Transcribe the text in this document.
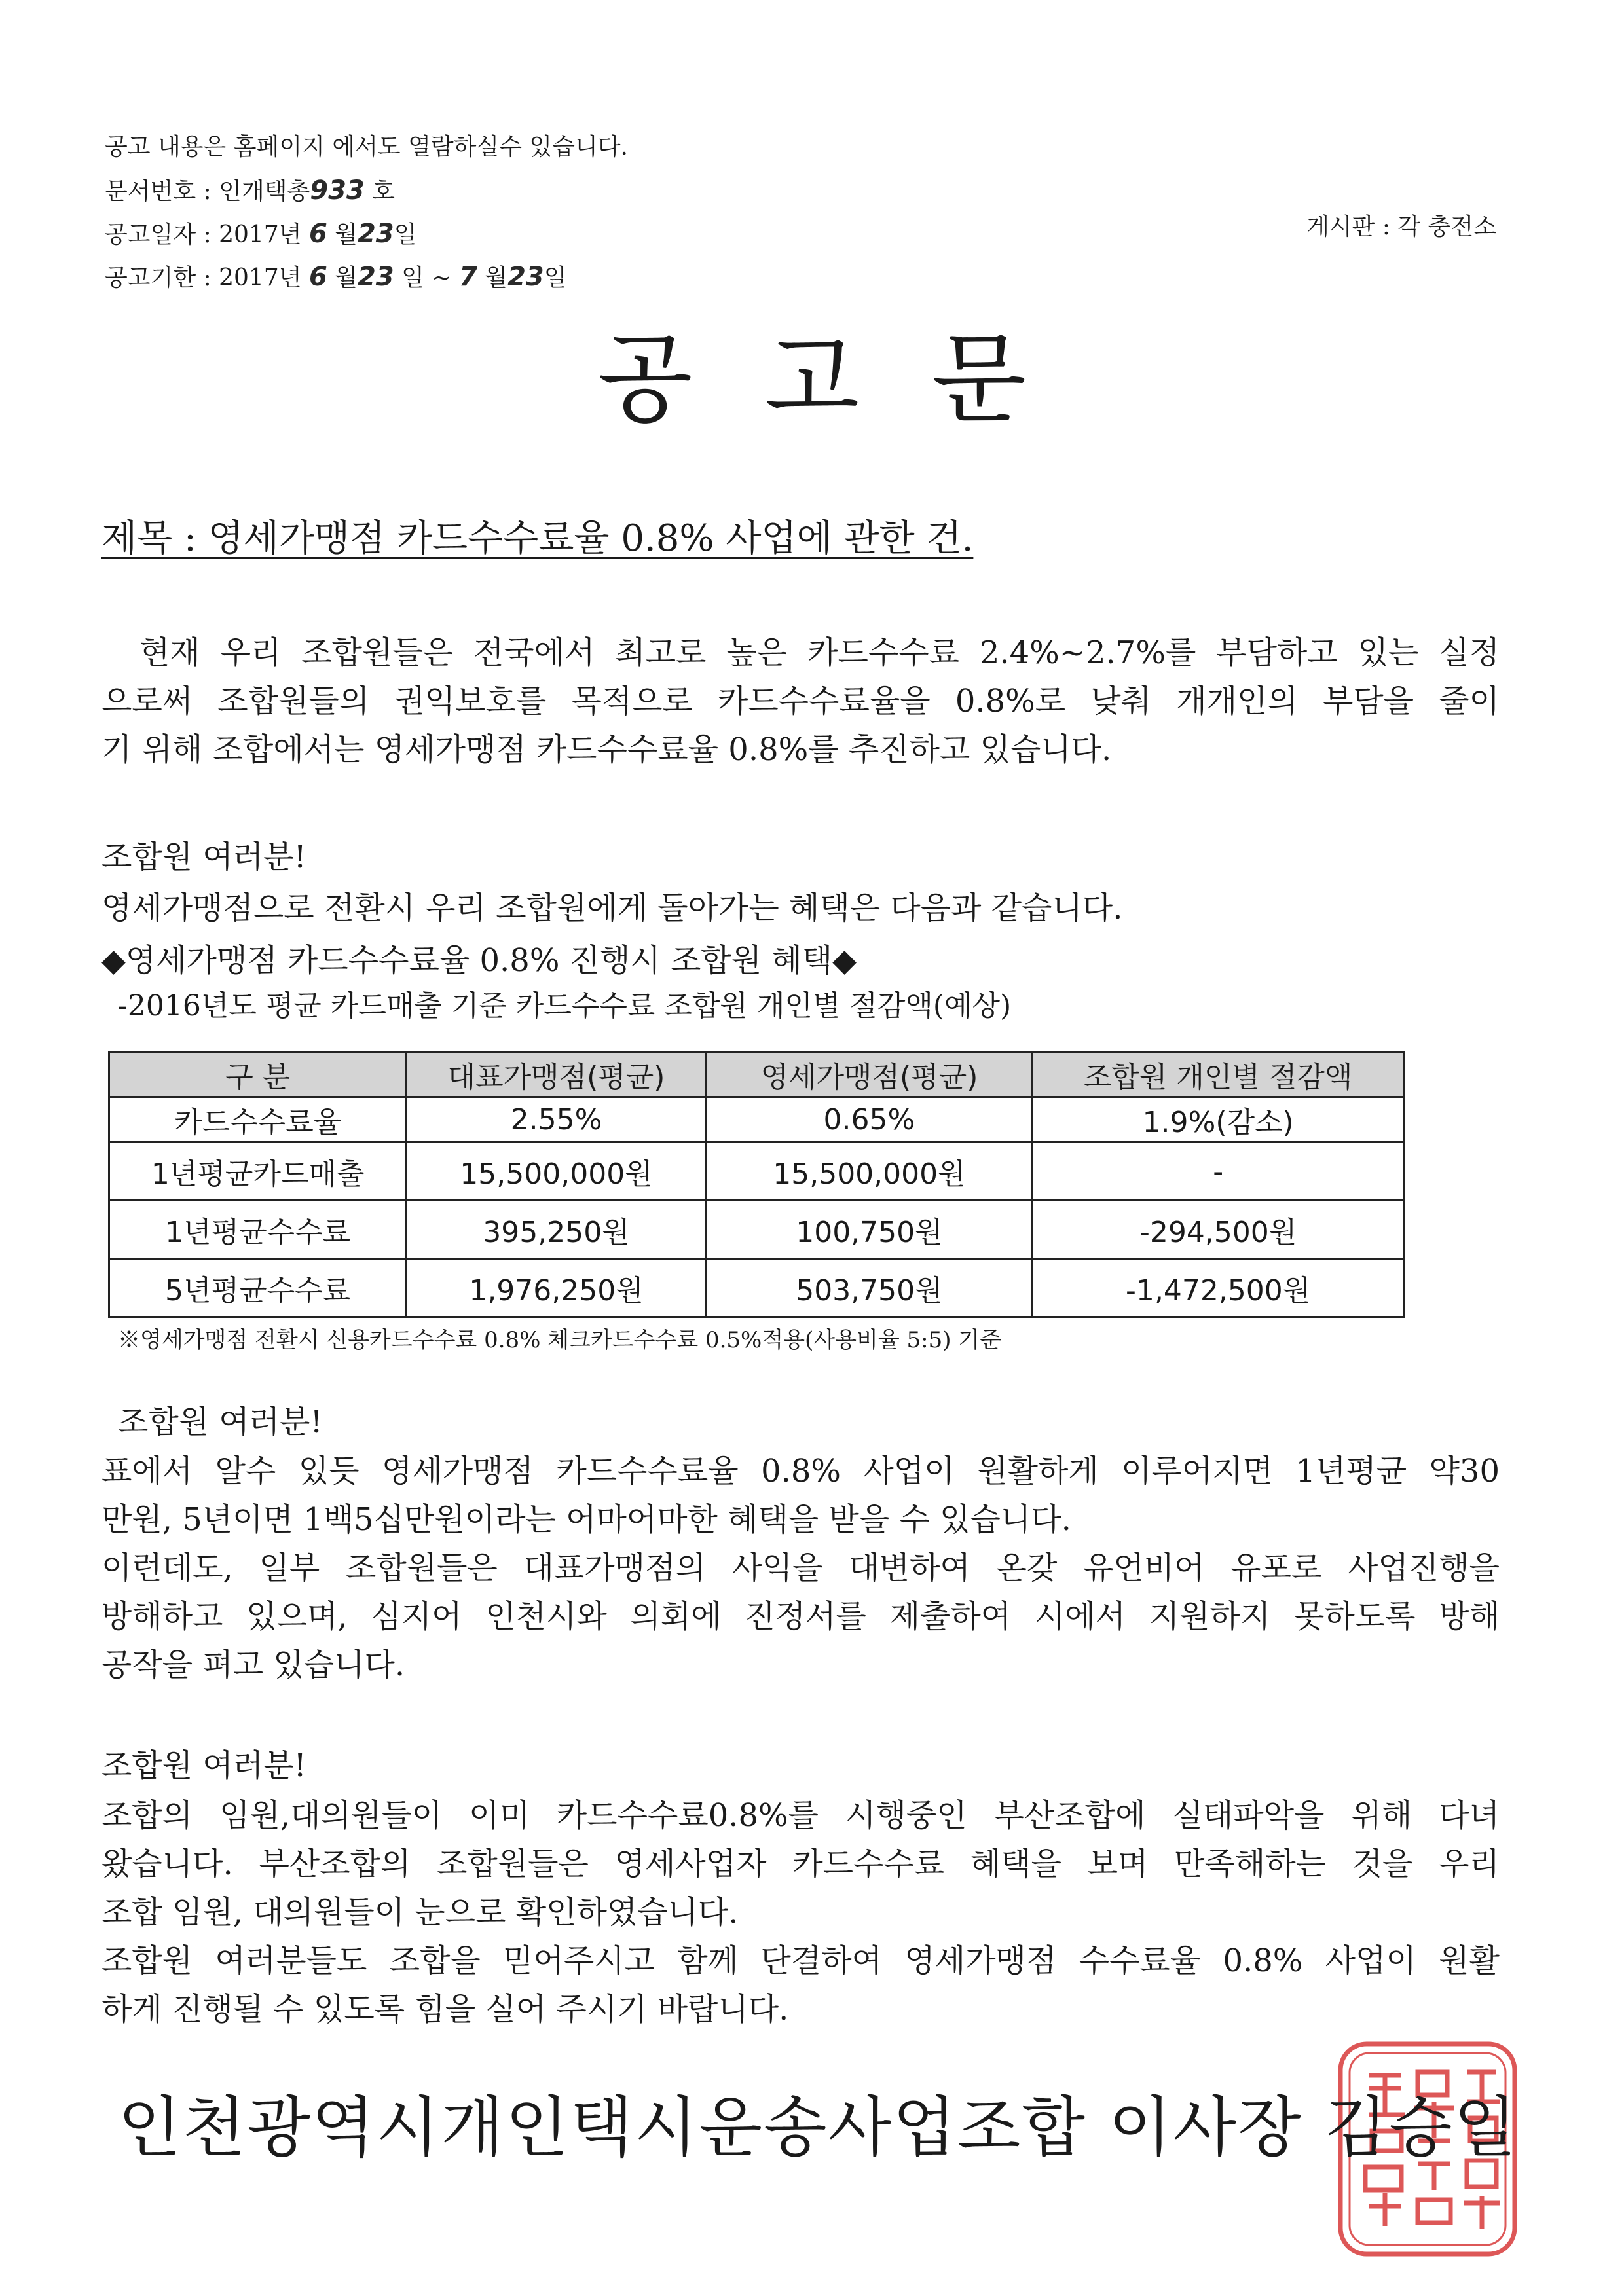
공고 내용은 홈페이지 에서도 열람하실수 있습니다.
문서번호 : 인개택총933 호
공고일자 : 2017년 6 월23일
공고기한 : 2017년 6 월23 일 ~ 7 월23일
게시판 : 각 충전소
공고문
제목 : 영세가맹점 카드수수료율 0.8% 사업에 관한 건.
현재 우리 조합원들은 전국에서 최고로 높은 카드수수료 2.4%~2.7%를 부담하고 있는 실정
으로써 조합원들의 권익보호를 목적으로 카드수수료율을 0.8%로 낮춰 개개인의 부담을 줄이
기 위해 조합에서는 영세가맹점 카드수수료율 0.8%를 추진하고 있습니다.
조합원 여러분!
영세가맹점으로 전환시 우리 조합원에게 돌아가는 혜택은 다음과 같습니다.
◆영세가맹점 카드수수료율 0.8% 진행시 조합원 혜택◆
-2016년도 평균 카드매출 기준 카드수수료 조합원 개인별 절감액(예상)
구 분	대표가맹점(평균)	영세가맹점(평균)	조합원 개인별 절감액
카드수수료율	2.55%	0.65%	1.9%(감소)
1년평균카드매출	15,500,000원	15,500,000원	-
1년평균수수료	395,250원	100,750원	-294,500원
5년평균수수료	1,976,250원	503,750원	-1,472,500원
※영세가맹점 전환시 신용카드수수료 0.8% 체크카드수수료 0.5%적용(사용비율 5:5) 기준
조합원 여러분!
표에서 알수 있듯 영세가맹점 카드수수료율 0.8% 사업이 원활하게 이루어지면 1년평균 약30
만원, 5년이면 1백5십만원이라는 어마어마한 혜택을 받을 수 있습니다.
이런데도, 일부 조합원들은 대표가맹점의 사익을 대변하여 온갖 유언비어 유포로 사업진행을
방해하고 있으며, 심지어 인천시와 의회에 진정서를 제출하여 시에서 지원하지 못하도록 방해
공작을 펴고 있습니다.
조합원 여러분!
조합의 임원,대의원들이 이미 카드수수료0.8%를 시행중인 부산조합에 실태파악을 위해 다녀
왔습니다. 부산조합의 조합원들은 영세사업자 카드수수료 혜택을 보며 만족해하는 것을 우리
조합 임원, 대의원들이 눈으로 확인하였습니다.
조합원 여러분들도 조합을 믿어주시고 함께 단결하여 영세가맹점 수수료율 0.8% 사업이 원활
하게 진행될 수 있도록 힘을 실어 주시기 바랍니다.
인천광역시개인택시운송사업조합 이사장 김승일
